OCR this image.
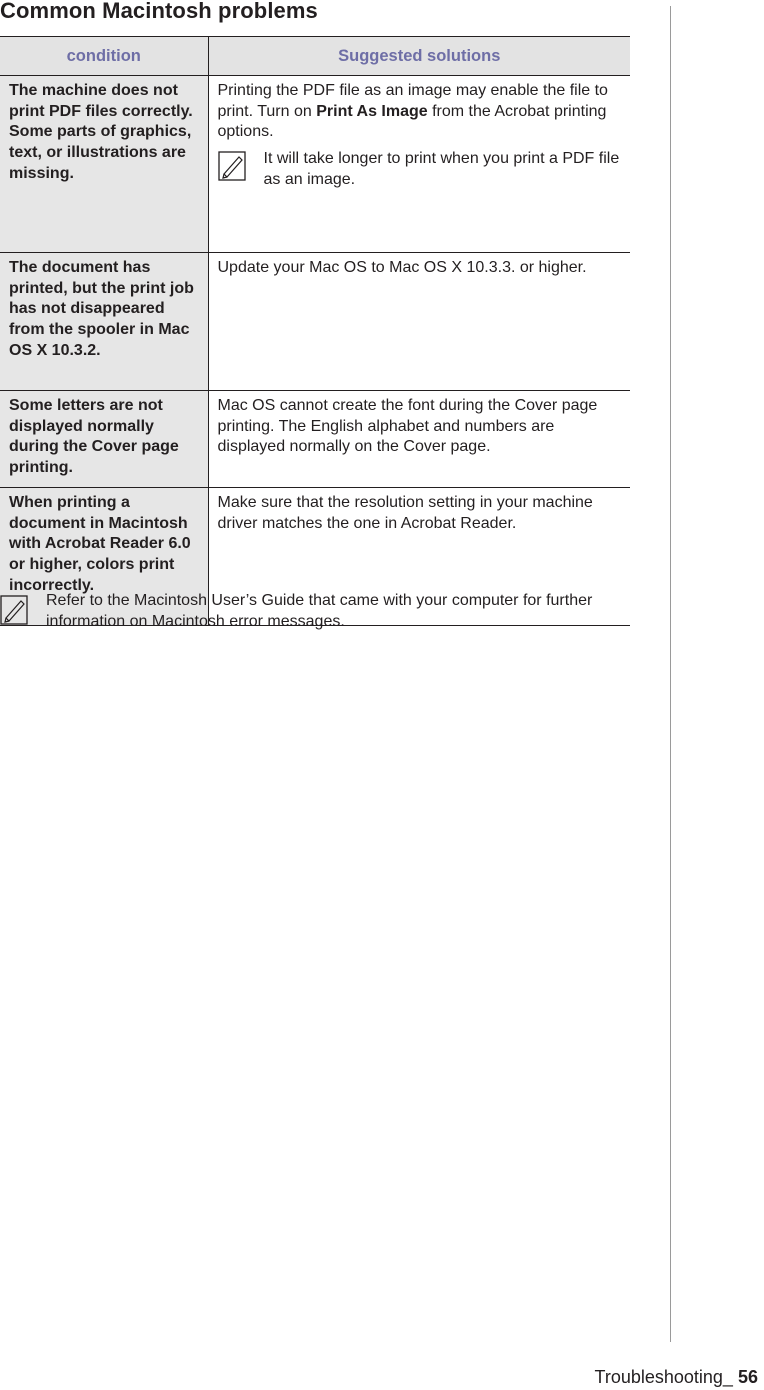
Common Macintosh problems
condition	Suggested solutions
The machine does not print PDF files correctly. Some parts of graphics, text, or illustrations are missing.	Printing the PDF file as an image may enable the file to print. Turn on Print As Image from the Acrobat printing options.
It will take longer to print when you print a PDF file as an image.

The document has printed, but the print job has not disappeared from the spooler in Mac OS X 10.3.2.	Update your Mac OS to Mac OS X 10.3.3. or higher.
Some letters are not displayed normally during the Cover page printing.	Mac OS cannot create the font during the Cover page printing. The English alphabet and numbers are displayed normally on the Cover page.
When printing a document in Macintosh with Acrobat Reader 6.0 or higher, colors print incorrectly.	Make sure that the resolution setting in your machine driver matches the one in Acrobat Reader.
Refer to the Macintosh User’s Guide that came with your computer for further information on Macintosh error messages.
Troubleshooting_ 56
